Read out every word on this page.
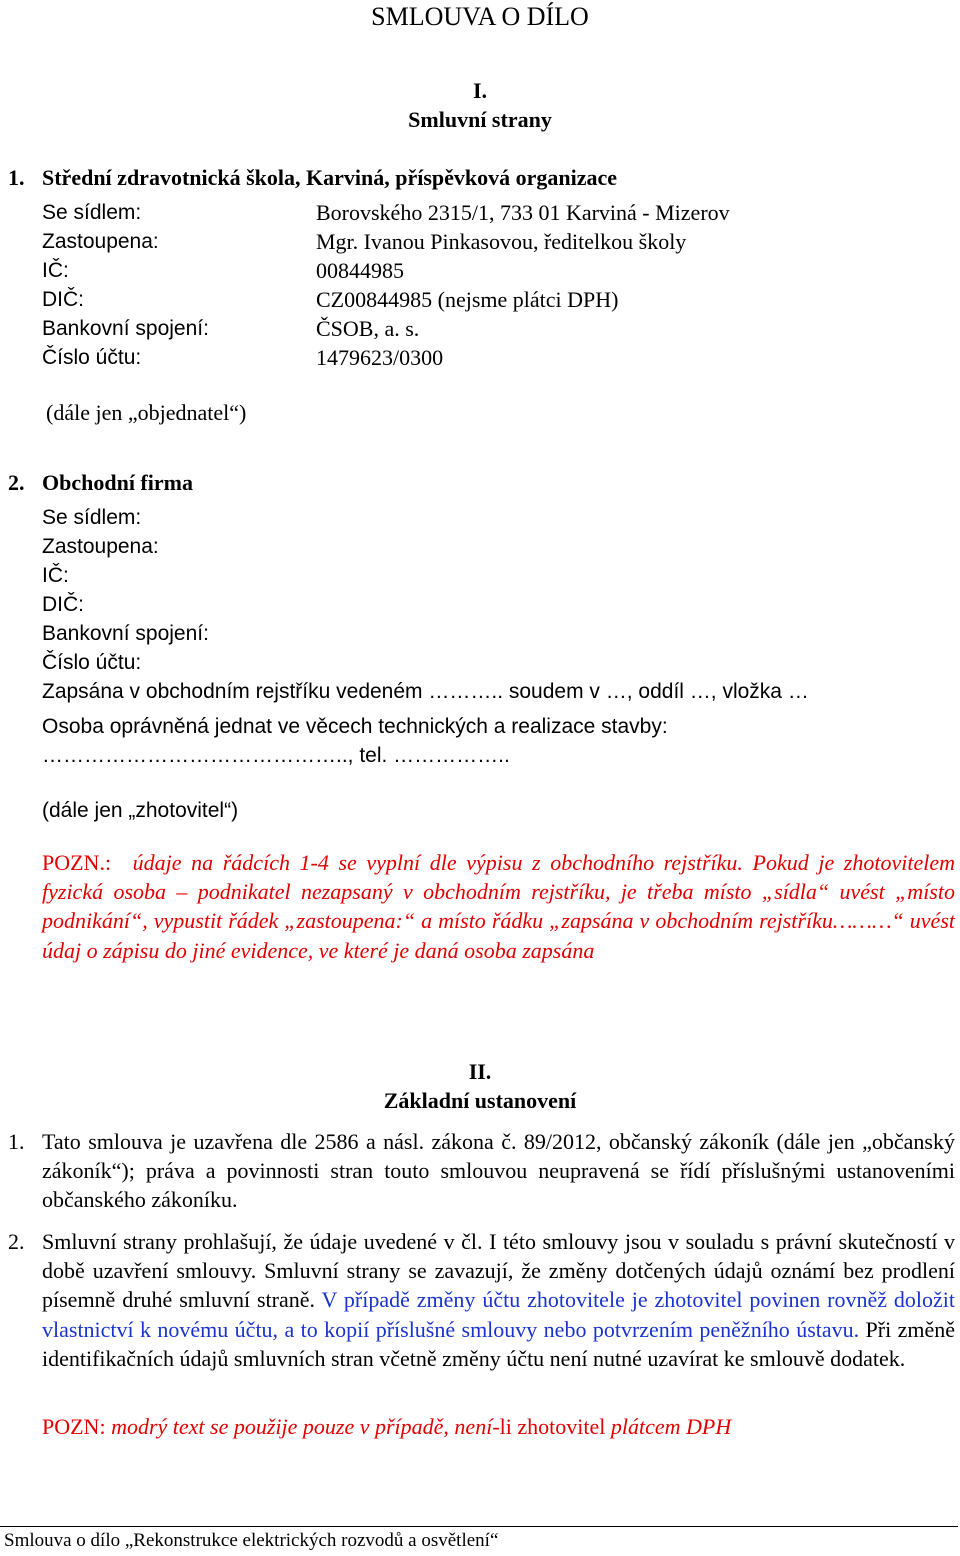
SMLOUVA O DÍLO
I.
Smluvní strany
1. Střední zdravotnická škola, Karviná, příspěvková organizace
Se sídlem:	Borovského 2315/1, 733 01 Karviná - Mizerov
Zastoupena:	Mgr. Ivanou Pinkasovou, ředitelkou školy
IČ:	00844985
DIČ:	CZ00844985 (nejsme plátci DPH)
Bankovní spojení:	ČSOB, a. s.
Číslo účtu:	1479623/0300
(dále jen „objednatel“)
2. Obchodní firma
Se sídlem:
Zastoupena:
IČ:
DIČ:
Bankovní spojení:
Číslo účtu:
Zapsána v obchodním rejstříku vedeném ……….. soudem v …, oddíl …, vložka …
Osoba oprávněná jednat ve věcech technických a realizace stavby:
…………………………………….., tel. ……………..
(dále jen „zhotovitel“)
POZN.: údaje na řádcích 1-4 se vyplní dle výpisu z obchodního rejstříku. Pokud je zhotovitelem fyzická osoba – podnikatel nezapsaný v obchodním rejstříku, je třeba místo „sídla“ uvést „místo podnikání“, vypustit řádek „zastoupena:“ a místo řádku „zapsána v obchodním rejstříku………“ uvést údaj o zápisu do jiné evidence, ve které je daná osoba zapsána
II.
Základní ustanovení
1. Tato smlouva je uzavřena dle 2586 a násl. zákona č. 89/2012, občanský zákoník (dále jen „občanský zákoník“); práva a povinnosti stran touto smlouvou neupravená se řídí příslušnými ustanoveními občanského zákoníku.
2. Smluvní strany prohlašují, že údaje uvedené v čl. I této smlouvy jsou v souladu s právní skutečností v době uzavření smlouvy. Smluvní strany se zavazují, že změny dotčených údajů oznámí bez prodlení písemně druhé smluvní straně. V případě změny účtu zhotovitele je zhotovitel povinen rovněž doložit vlastnictví k novému účtu, a to kopií příslušné smlouvy nebo potvrzením peněžního ústavu. Při změně identifikačních údajů smluvních stran včetně změny účtu není nutné uzavírat ke smlouvě dodatek.
POZN: modrý text se použije pouze v případě, není-li zhotovitel plátcem DPH
Smlouva o dílo „Rekonstrukce elektrických rozvodů a osvětlení“
